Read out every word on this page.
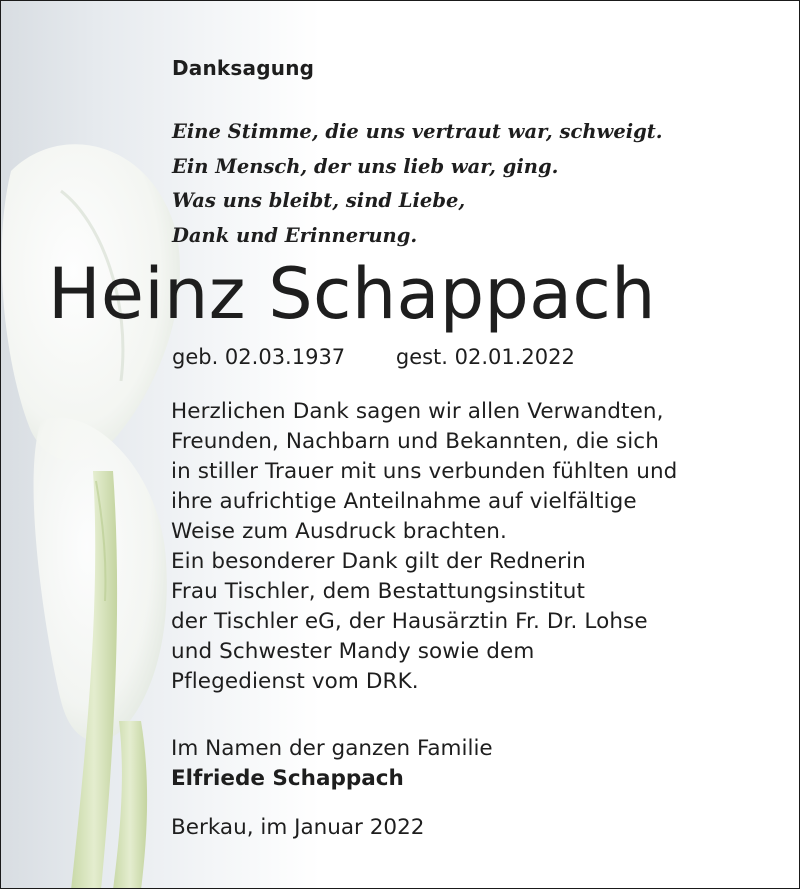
Danksagung

Eine Stimme, die uns vertraut war, schweigt.
Ein Mensch, der uns lieb war, ging.
Was uns bleibt, sind Liebe,
Dank und Erinnerung.
Heinz Schappach
geb. 02.03.1937 gest. 02.01.2022
Herzlichen Dank sagen wir allen Verwandten,
Freunden, Nachbarn und Bekannten, die sich
in stiller Trauer mit uns verbunden fühlten und
ihre aufrichtige Anteilnahme auf vielfältige
Weise zum Ausdruck brachten.
Ein besonderer Dank gilt der Rednerin
Frau Tischler, dem Bestattungsinstitut
der Tischler eG, der Hausärztin Fr. Dr. Lohse
und Schwester Mandy sowie dem
Pflegedienst vom DRK.
Im Namen der ganzen Familie
Elfriede Schappach

Berkau, im Januar 2022
